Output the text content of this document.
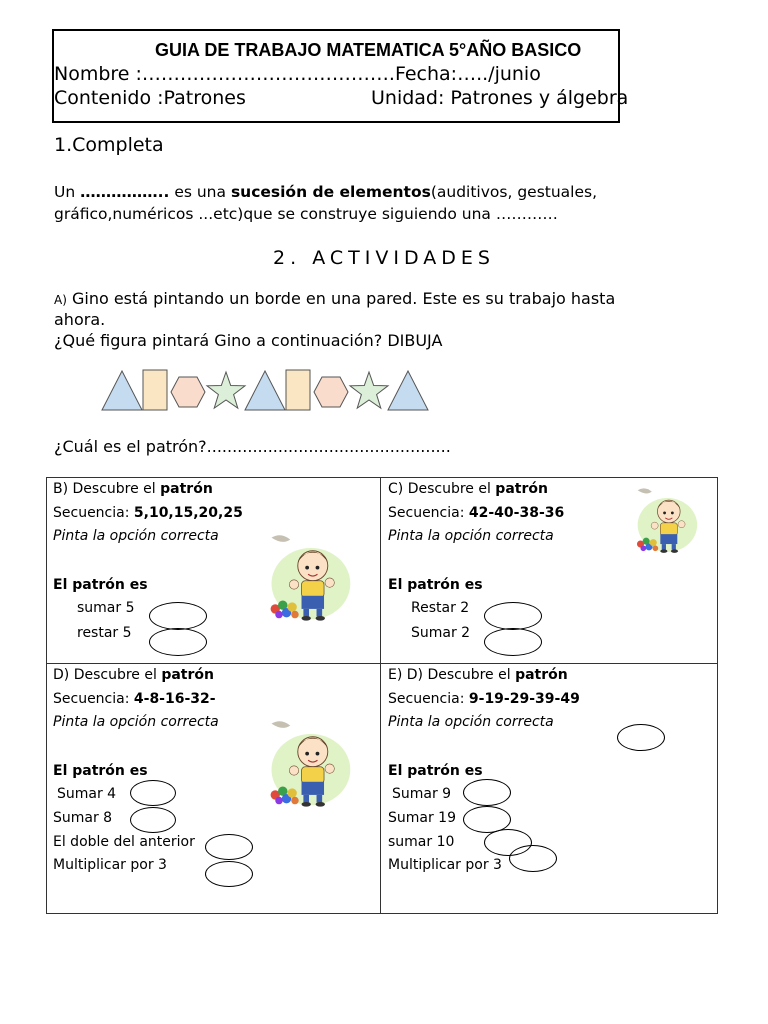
GUIA DE TRABAJO MATEMATICA 5°AÑO BASICO
Nombre :………………………………….Fecha:…../junio
Contenido :Patrones	Unidad: Patrones y álgebra
1.Completa
Un …………….. es una sucesión de elementos(auditivos, gestuales,
gráfico,numéricos ...etc)que se construye siguiendo una …………
2. ACTIVIDADES
A) Gino está pintando un borde en una pared. Este es su trabajo hasta
ahora.
¿Qué figura pintará Gino a continuación? DIBUJA
¿Cuál es el patrón?................................................
B) Descubre el patrón
Secuencia: 5,10,15,20,25
Pinta la opción correcta
El patrón es
sumar 5
restar 5
C) Descubre el patrón
Secuencia: 42-40-38-36
Pinta la opción correcta
El patrón es
Restar 2
Sumar 2
D) Descubre el patrón
Secuencia: 4-8-16-32-
Pinta la opción correcta
El patrón es
Sumar 4
Sumar 8
El doble del anterior
Multiplicar por 3
E) D) Descubre el patrón
Secuencia: 9-19-29-39-49
Pinta la opción correcta
El patrón es
Sumar 9
Sumar 19
sumar 10
Multiplicar por 3
